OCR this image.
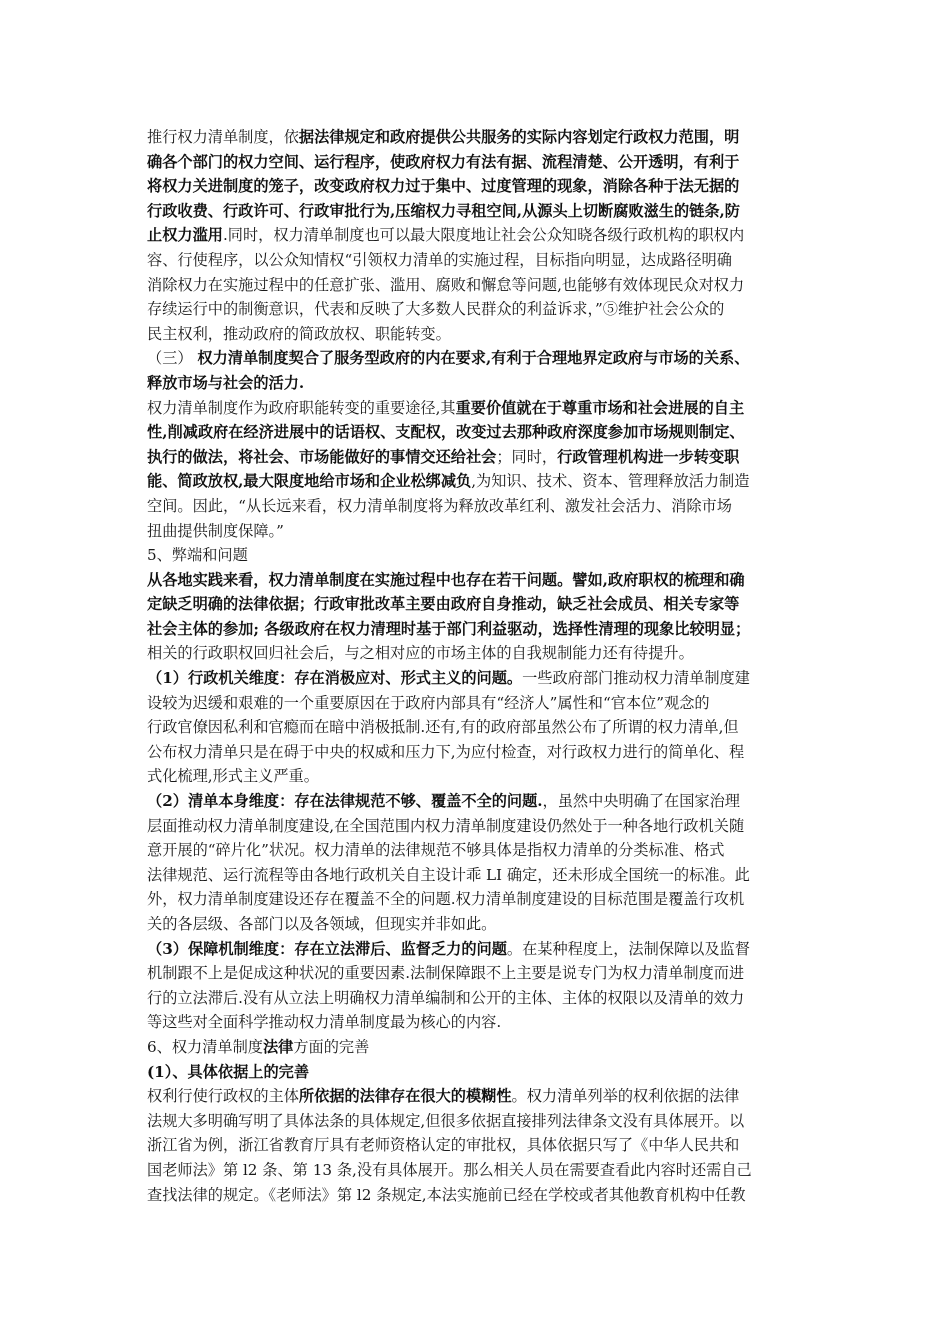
推行权力清单制度，依据法律规定和政府提供公共服务的实际内容划定行政权力范围，明
确各个部门的权力空间、运行程序，使政府权力有法有据、流程清楚、公开透明，有利于
将权力关进制度的笼子，改变政府权力过于集中、过度管理的现象，消除各种于法无据的
行政收费、行政许可、行政审批行为,压缩权力寻租空间,从源头上切断腐败滋生的链条,防
止权力滥用.同时，权力清单制度也可以最大限度地让社会公众知晓各级行政机构的职权内
容、行使程序，以公众知情权“引领权力清单的实施过程，目标指向明显，达成路径明确
消除权力在实施过程中的任意扩张、滥用、腐败和懈怠等问题,也能够有效体现民众对权力
存续运行中的制衡意识，代表和反映了大多数人民群众的利益诉求，”⑤维护社会公众的
民主权利，推动政府的简政放权、职能转变。
（三） 权力清单制度契合了服务型政府的内在要求,有利于合理地界定政府与市场的关系、
释放市场与社会的活力.
权力清单制度作为政府职能转变的重要途径,其重要价值就在于尊重市场和社会进展的自主
性,削减政府在经济进展中的话语权、支配权，改变过去那种政府深度参加市场规则制定、
执行的做法，将社会、市场能做好的事情交还给社会；同时，行政管理机构进一步转变职
能、简政放权,最大限度地给市场和企业松绑减负,为知识、技术、资本、管理释放活力制造
空间。因此，“从长远来看，权力清单制度将为释放改革红利、激发社会活力、消除市场
扭曲提供制度保障。”
5、弊端和问题
从各地实践来看，权力清单制度在实施过程中也存在若干问题。譬如,政府职权的梳理和确
定缺乏明确的法律依据；行政审批改革主要由政府自身推动，缺乏社会成员、相关专家等
社会主体的参加; 各级政府在权力清理时基于部门利益驱动，选择性清理的现象比较明显；
相关的行政职权回归社会后，与之相对应的市场主体的自我规制能力还有待提升。
（1）行政机关维度：存在消极应对、形式主义的问题。一些政府部门推动权力清单制度建
设较为迟缓和艰难的一个重要原因在于政府内部具有“经济人”属性和“官本位”观念的
行政官僚因私利和官瘾而在暗中消极抵制.还有,有的政府部虽然公布了所谓的权力清单,但
公布权力清单只是在碍于中央的权威和压力下,为应付检查，对行政权力进行的简单化、程
式化梳理,形式主义严重。
（2）清单本身维度：存在法律规范不够、覆盖不全的问题.，虽然中央明确了在国家治理
层面推动权力清单制度建设,在全国范围内权力清单制度建设仍然处于一种各地行政机关随
意开展的“碎片化”状况。权力清单的法律规范不够具体是指权力清单的分类标准、格式
法律规范、运行流程等由各地行政机关自主设计乖 LI 确定，还未形成全国统一的标准。此
外，权力清单制度建设还存在覆盖不全的问题.权力清单制度建设的目标范围是覆盖行攻机
关的各层级、各部门以及各领域，但现实并非如此。
（3）保障机制维度：存在立法滞后、监督乏力的问题。在某种程度上，法制保障以及监督
机制跟不上是促成这种状况的重要因素.法制保障跟不上主要是说专门为权力清单制度而进
行的立法滞后.没有从立法上明确权力清单编制和公开的主体、主体的权限以及清单的效力
等这些对全面科学推动权力清单制度最为核心的内容.
6、权力清单制度法律方面的完善
(1）、具体依据上的完善
权利行使行政权的主体所依据的法律存在很大的模糊性。权力清单列举的权利依据的法律
法规大多明确写明了具体法条的具体规定,但很多依据直接排列法律条文没有具体展开。以
浙江省为例，浙江省教育厅具有老师资格认定的审批权，具体依据只写了《中华人民共和
国老师法》第 l2 条、第 13 条,没有具体展开。那么相关人员在需要查看此内容时还需自己
查找法律的规定。《老师法》第 l2 条规定,本法实施前已经在学校或者其他教育机构中任教
